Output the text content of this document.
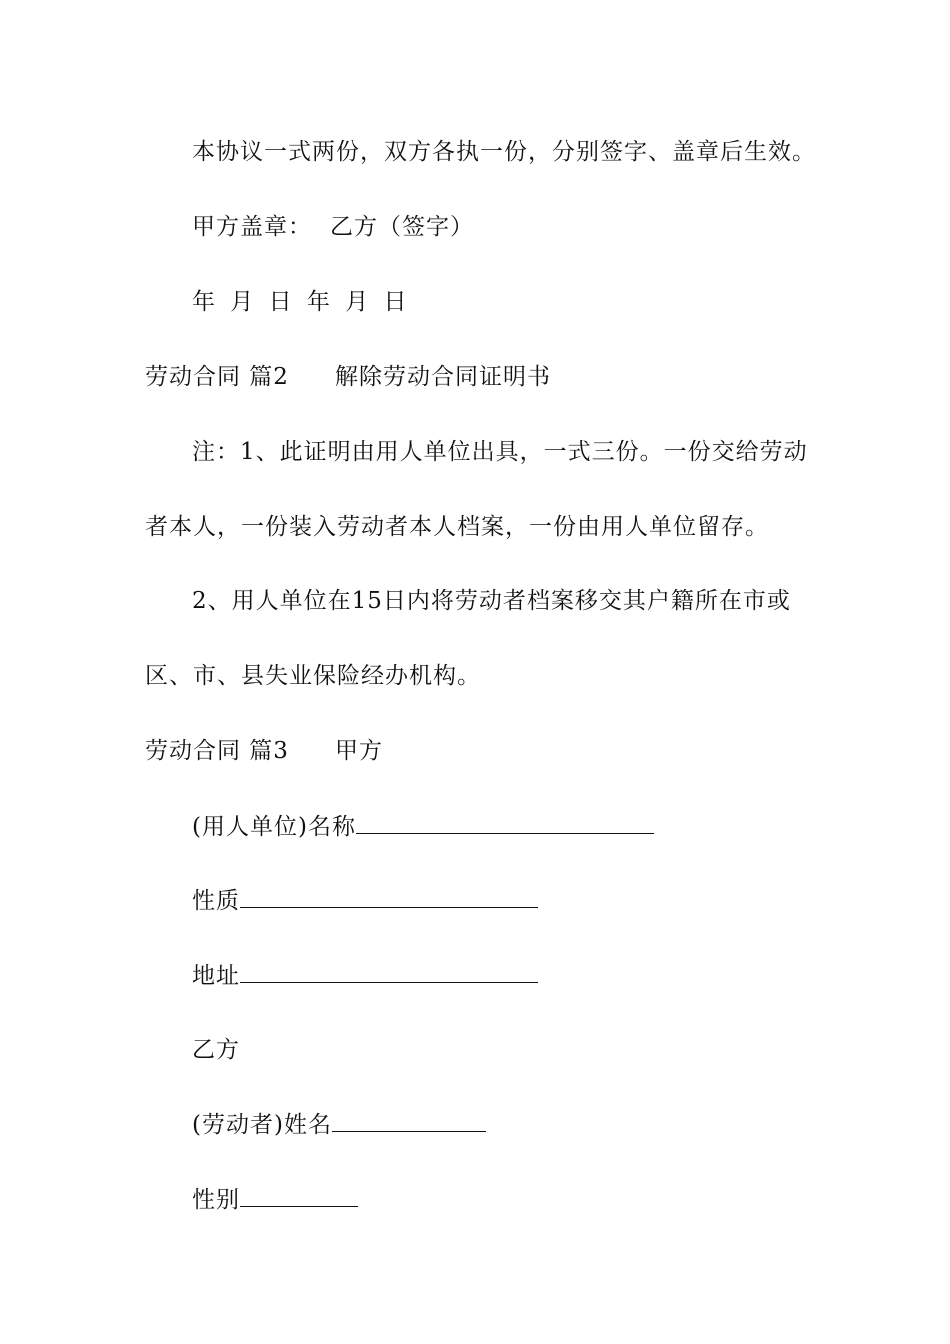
本协议一式两份，双方各执一份，分别签字、盖章后生效。
甲方盖章： 乙方（签字）
年 月 日 年 月 日
劳动合同 篇2 解除劳动合同证明书
注：1、此证明由用人单位出具，一式三份。一份交给劳动
者本人，一份装入劳动者本人档案，一份由用人单位留存。
2、用人单位在15日内将劳动者档案移交其户籍所在市或
区、市、县失业保险经办机构。
劳动合同 篇3 甲方
(用人单位)名称
性质
地址
乙方
(劳动者)姓名
性别
